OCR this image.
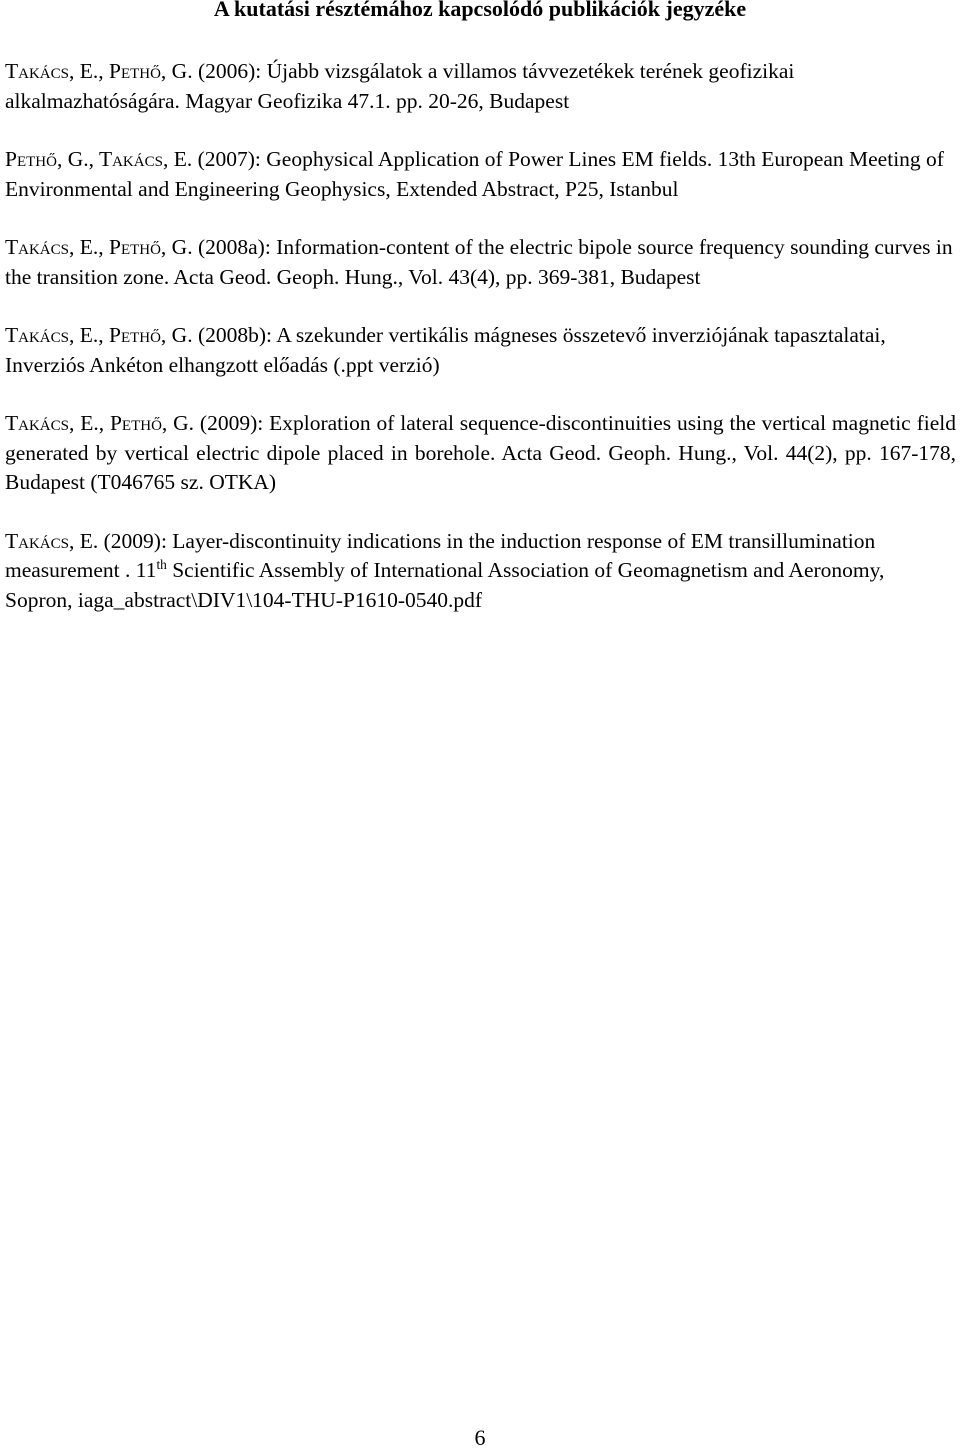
A kutatási résztémához kapcsolódó publikációk jegyzéke

Takács, E., Pethő, G. (2006): Újabb vizsgálatok a villamos távvezetékek terének geofizikai alkalmazhatóságára. Magyar Geofizika 47.1. pp. 20-26, Budapest

Pethő, G., Takács, E. (2007): Geophysical Application of Power Lines EM fields. 13th European Meeting of Environmental and Engineering Geophysics, Extended Abstract, P25, Istanbul

Takács, E., Pethő, G. (2008a): Information-content of the electric bipole source frequency sounding curves in the transition zone. Acta Geod. Geoph. Hung., Vol. 43(4), pp. 369-381, Budapest

Takács, E., Pethő, G. (2008b): A szekunder vertikális mágneses összetevő inverziójának tapasztalatai, Inverziós Ankéton elhangzott előadás (.ppt verzió)

Takács, E., Pethő, G. (2009): Exploration of lateral sequence-discontinuities using the vertical magnetic field generated by vertical electric dipole placed in borehole. Acta Geod. Geoph. Hung., Vol. 44(2), pp. 167-178, Budapest (T046765 sz. OTKA)

Takács, E. (2009): Layer-discontinuity indications in the induction response of EM transillumination measurement . 11th Scientific Assembly of International Association of Geomagnetism and Aeronomy, Sopron, iaga_abstract\DIV1\104-THU-P1610-0540.pdf

6
